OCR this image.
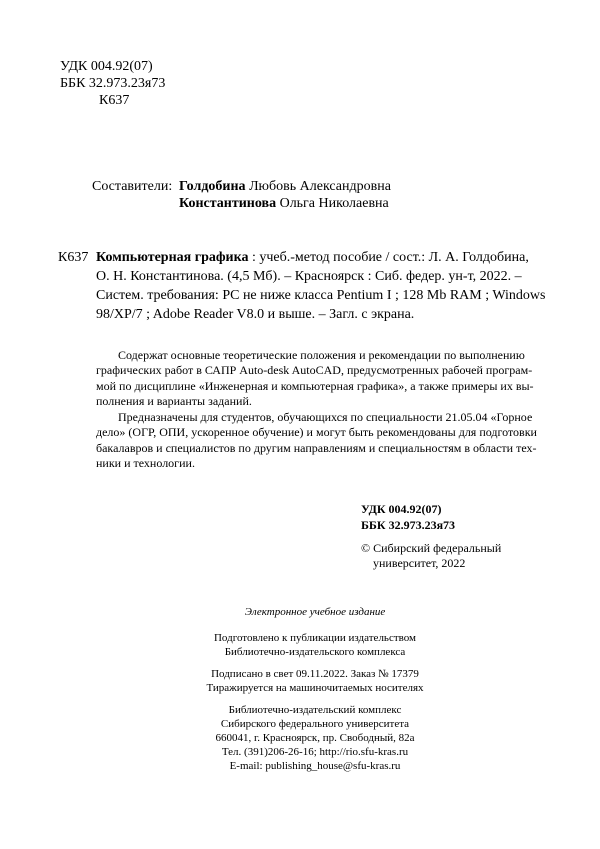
УДК 004.92(07)
ББК 32.973.23я73
К637
Составители: Голдобина Любовь Александровна
Константинова Ольга Николаевна
К637 Компьютерная графика : учеб.-метод пособие / сост.: Л. А. Голдобина,
О. Н. Константинова. (4,5 Мб). – Красноярск : Сиб. федер. ун-т, 2022. –
Систем. требования: PC не ниже класса Pentium I ; 128 Mb RAM ; Windows
98/XP/7 ; Adobe Reader V8.0 и выше. – Загл. с экрана.
Содержат основные теоретические положения и рекомендации по выполнению
графических работ в САПР Auto-desk AutoCAD, предусмотренных рабочей програм-
мой по дисциплине «Инженерная и компьютерная графика», а также примеры их вы-
полнения и варианты заданий.
Предназначены для студентов, обучающихся по специальности 21.05.04 «Горное
дело» (ОГР, ОПИ, ускоренное обучение) и могут быть рекомендованы для подготовки
бакалавров и специалистов по другим направлениям и специальностям в области тех-
ники и технологии.
УДК 004.92(07)
ББК 32.973.23я73
© Сибирский федеральный
университет, 2022
Электронное учебное издание
Подготовлено к публикации издательством
Библиотечно-издательского комплекса
Подписано в свет 09.11.2022. Заказ № 17379
Тиражируется на машиночитаемых носителях
Библиотечно-издательский комплекс
Сибирского федерального университета
660041, г. Красноярск, пр. Свободный, 82а
Тел. (391)206-26-16; http://rio.sfu-kras.ru
E-mail: publishing_house@sfu-kras.ru
